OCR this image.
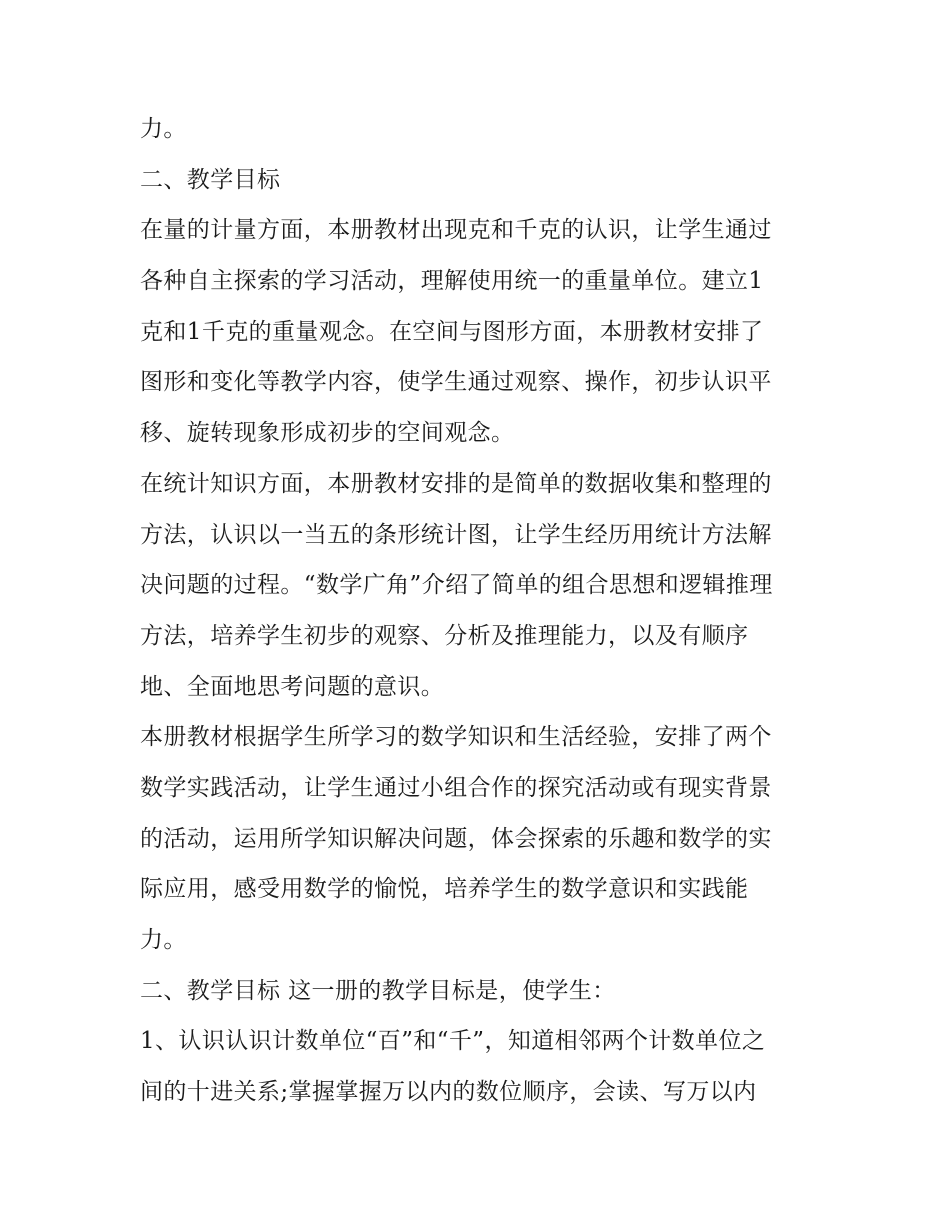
力。
二、教学目标
在量的计量方面，本册教材出现克和千克的认识，让学生通过
各种自主探索的学习活动，理解使用统一的重量单位。建立1
克和1千克的重量观念。在空间与图形方面，本册教材安排了
图形和变化等教学内容，使学生通过观察、操作，初步认识平
移、旋转现象形成初步的空间观念。
在统计知识方面，本册教材安排的是简单的数据收集和整理的
方法，认识以一当五的条形统计图，让学生经历用统计方法解
决问题的过程。“数学广角”介绍了简单的组合思想和逻辑推理
方法，培养学生初步的观察、分析及推理能力，以及有顺序
地、全面地思考问题的意识。
本册教材根据学生所学习的数学知识和生活经验，安排了两个
数学实践活动，让学生通过小组合作的探究活动或有现实背景
的活动，运用所学知识解决问题，体会探索的乐趣和数学的实
际应用，感受用数学的愉悦，培养学生的数学意识和实践能
力。
二、教学目标 这一册的教学目标是，使学生：
1、认识认识计数单位“百”和“千”，知道相邻两个计数单位之
间的十进关系;掌握掌握万以内的数位顺序，会读、写万以内
